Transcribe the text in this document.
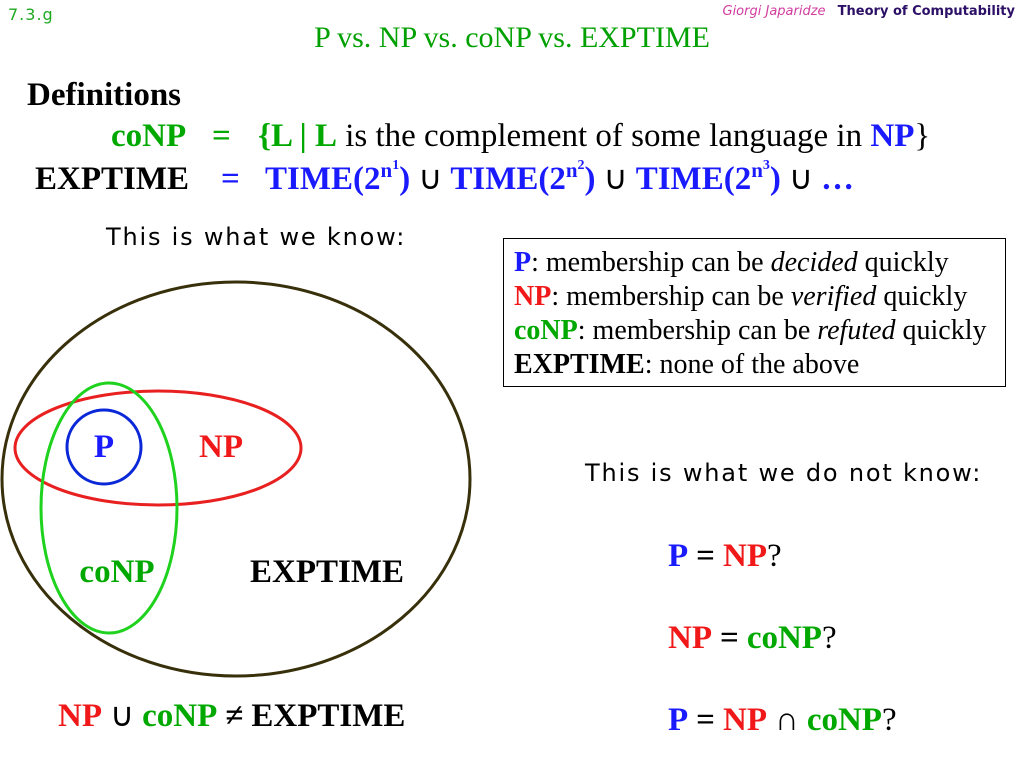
P	NP
coNP	EXPTIME
7.3.g	Giorgi Japaridze Theory of Computability
P vs. NP vs. coNP vs. EXPTIME
Definitions
coNP = {L | L is the complement of some language in NP}
EXPTIME = $TIME(2^{n^1})$ ∪ $TIME(2^{n^2})$ ∪ $TIME(2^{n^3})$ ∪ …
This is what we know:
P: membership can be decided quickly
NP: membership can be verified quickly
coNP: membership can be refuted quickly
EXPTIME: none of the above
NP ∪ coNP ≠ EXPTIME
This is what we do not know:
P = NP?
NP = coNP?
P = NP ∩ coNP?
